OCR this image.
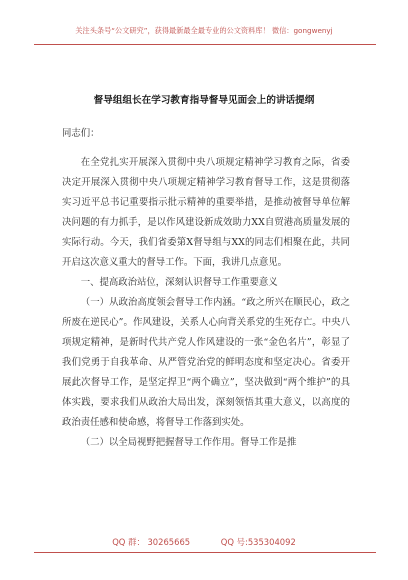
关注头条号“公文研究”，获得最新最全最专业的公文资料库！ 微信：gongwenyj
督导组组长在学习教育指导督导见面会上的讲话提纲

同志们：

在全党扎实开展深入贯彻中央八项规定精神学习教育之际，省委决定开展深入贯彻中央八项规定精神学习教育督导工作，这是贯彻落实习近平总书记重要指示批示精神的重要举措，是推动被督导单位解决问题的有力抓手，是以作风建设新成效助力XX自贸港高质量发展的实际行动。今天，我们省委第X督导组与XX的同志们相聚在此，共同开启这次意义重大的督导工作。下面，我讲几点意见。

一、提高政治站位，深刻认识督导工作重要意义

（一）从政治高度领会督导工作内涵。“政之所兴在顺民心，政之所废在逆民心”。作风建设，关系人心向背关系党的生死存亡。中央八项规定精神，是新时代共产党人作风建设的一张“金色名片”，彰显了我们党勇于自我革命、从严管党治党的鲜明态度和坚定决心。省委开展此次督导工作，是坚定捍卫“两个确立”，坚决做到“两个维护”的具体实践，要求我们从政治大局出发，深刻领悟其重大意义，以高度的政治责任感和使命感，将督导工作落到实处。

（二）以全局视野把握督导工作作用。督导工作是推

QQ 群： 30265665	QQ 号:535304092
